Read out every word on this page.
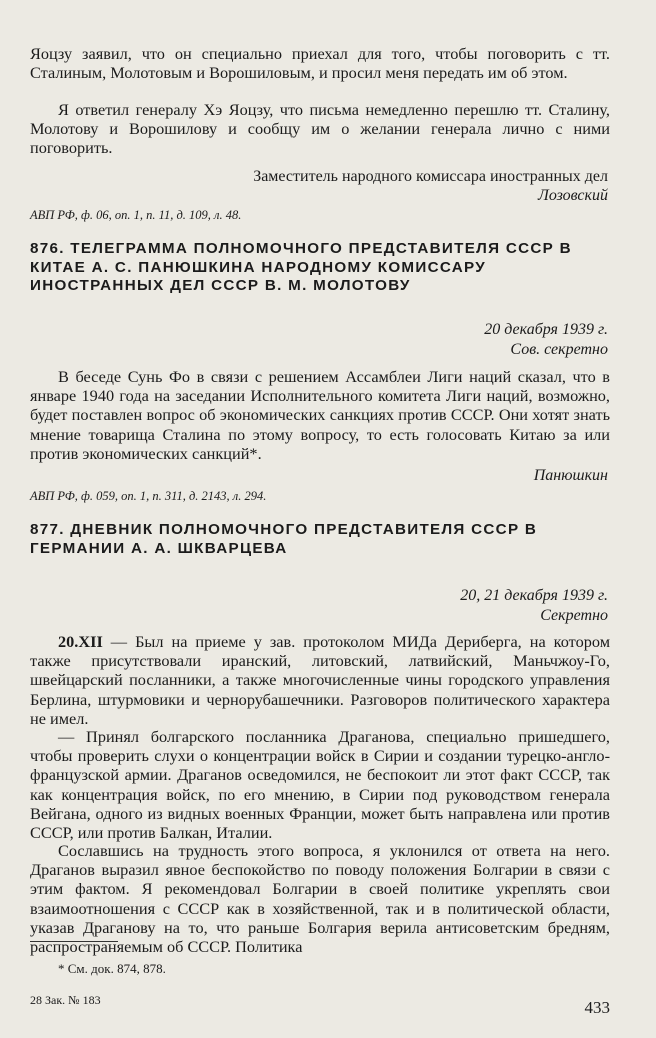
Яоцзу заявил, что он специально приехал для того, чтобы поговорить с тт. Сталиным, Молотовым и Ворошиловым, и просил меня передать им об этом.

Я ответил генералу Хэ Яоцзу, что письма немедленно перешлю тт. Сталину, Молотову и Ворошилову и сообщу им о желании генерала лично с ними поговорить.

Заместитель народного комиссара иностранных дел

Лозовский

АВП РФ, ф. 06, оп. 1, п. 11, д. 109, л. 48.

876. ТЕЛЕГРАММА ПОЛНОМОЧНОГО ПРЕДСТАВИТЕЛЯ СССР В КИТАЕ А. С. ПАНЮШКИНА НАРОДНОМУ КОМИССАРУ ИНОСТРАННЫХ ДЕЛ СССР В. М. МОЛОТОВУ

20 декабря 1939 г.

Сов. секретно

В беседе Сунь Фо в связи с решением Ассамблеи Лиги наций сказал, что в январе 1940 года на заседании Исполнительного комитета Лиги наций, возможно, будет поставлен вопрос об экономических санкциях против СССР. Они хотят знать мнение товарища Сталина по этому вопросу, то есть голосовать Китаю за или против экономических санкций*.

Панюшкин

АВП РФ, ф. 059, оп. 1, п. 311, д. 2143, л. 294.

877. ДНЕВНИК ПОЛНОМОЧНОГО ПРЕДСТАВИТЕЛЯ СССР В ГЕРМАНИИ А. А. ШКВАРЦЕВА

20, 21 декабря 1939 г.

Секретно

20.XII — Был на приеме у зав. протоколом МИДа Дериберга, на котором также присутствовали иранский, литовский, латвийский, Маньчжоу-Го, швейцарский посланники, а также многочисленные чины городского управления Берлина, штурмовики и чернорубашечники. Разговоров политического характера не имел.

— Принял болгарского посланника Драганова, специально пришедшего, чтобы проверить слухи о концентрации войск в Сирии и создании турецко-англо-французской армии. Драганов осведомился, не беспокоит ли этот факт СССР, так как концентрация войск, по его мнению, в Сирии под руководством генерала Вейгана, одного из видных военных Франции, может быть направлена или против СССР, или против Балкан, Италии.

Сославшись на трудность этого вопроса, я уклонился от ответа на него. Драганов выразил явное беспокойство по поводу положения Болгарии в связи с этим фактом. Я рекомендовал Болгарии в своей политике укреплять свои взаимоотношения с СССР как в хозяйственной, так и в политической области, указав Драганову на то, что раньше Болгария верила антисоветским бредням, распространяемым об СССР. Политика

* См. док. 874, 878.

28 Зак. № 183	433
